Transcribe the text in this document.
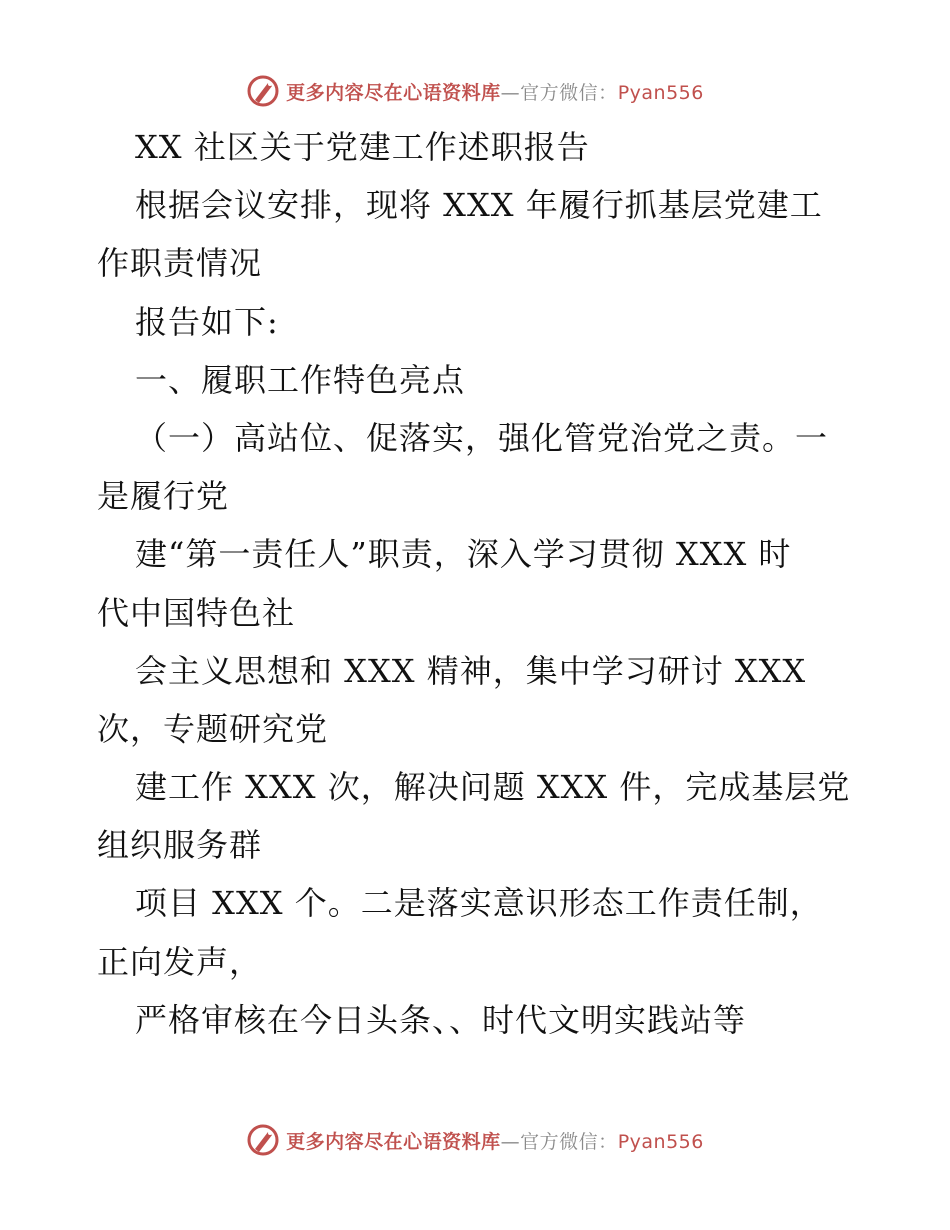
更多内容尽在心语资料库—官方微信：Pyan556
XX 社区关于党建工作述职报告
根据会议安排，现将 XXX 年履行抓基层党建工
作职责情况
报告如下:
一、履职工作特色亮点
（一）高站位、促落实，强化管党治党之责。一
是履行党
建“第一责任人”职责，深入学习贯彻 XXX 时
代中国特色社
会主义思想和 XXX 精神，集中学习研讨 XXX
次，专题研究党
建工作 XXX 次，解决问题 XXX 件，完成基层党
组织服务群
项目 XXX 个。二是落实意识形态工作责任制，
正向发声，
严格审核在今日头条、、时代文明实践站等
更多内容尽在心语资料库—官方微信：Pyan556
